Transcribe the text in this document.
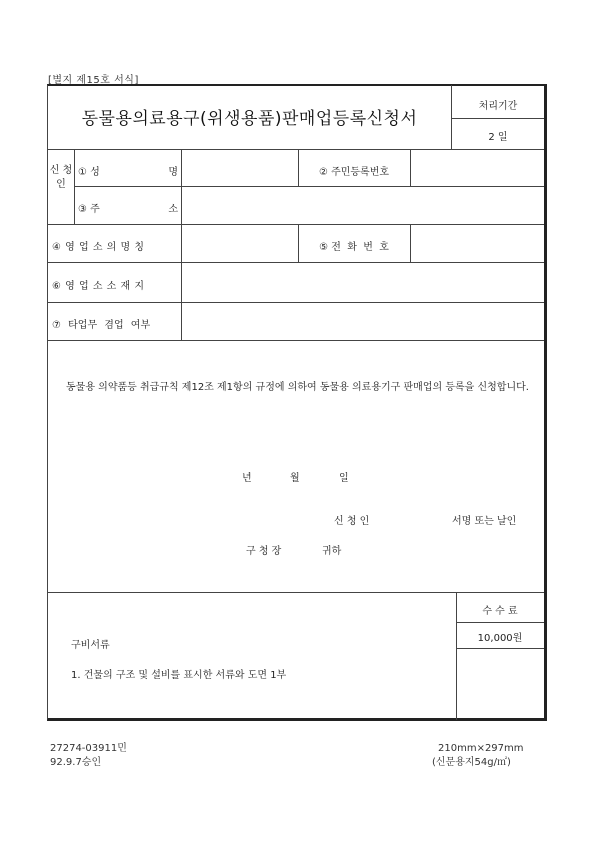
[별지 제15호 서식]
동물용의료용구(위생용품)판매업등록신청서
처리기간
2 일
신 청 인
① 성	명	② 주민등록번호
③ 주	소
④ 영 업 소 의 명 칭	⑤ 전  화  번  호
⑥ 영 업 소 소 재 지
⑦ 타업무 겸업 여부
동물용 의약품등 취급규칙 제12조 제1항의 규정에 의하여 동물용 의료용기구 판매업의 등록을 신청합니다.
년	월	일
신 청 인	서명 또는 날인
구 청 장	귀하
구비서류
1. 건물의 구조 및 설비를 표시한 서류와 도면 1부
수 수 료
10,000원
27274-03911민
92.9.7승인
210mm×297mm
(신문용지54g/㎡)
